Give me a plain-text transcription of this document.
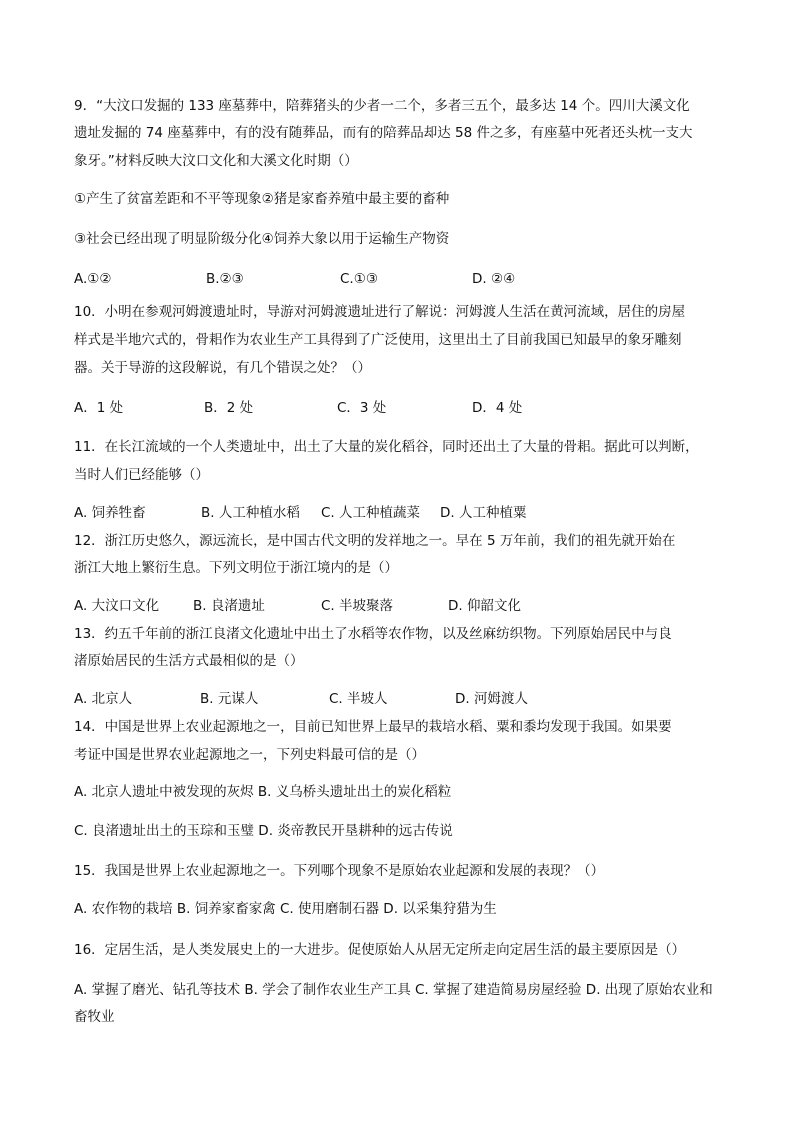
9．“大汶口发掘的 133 座墓葬中，陪葬猪头的少者一二个，多者三五个，最多达 14 个。四川大溪文化
遗址发掘的 74 座墓葬中，有的没有随葬品，而有的陪葬品却达 58 件之多，有座墓中死者还头枕一支大
象牙。”材料反映大汶口文化和大溪文化时期（）
①产生了贫富差距和不平等现象②猪是家畜养殖中最主要的畜种
③社会已经出现了明显阶级分化④饲养大象以用于运输生产物资
A.①②	B.②③	C.①③	D. ②④
10．小明在参观河姆渡遗址时，导游对河姆渡遗址进行了解说：河姆渡人生活在黄河流域，居住的房屋
样式是半地穴式的，骨耜作为农业生产工具得到了广泛使用，这里出土了目前我国已知最早的象牙雕刻
器。关于导游的这段解说，有几个错误之处？（）
A．1 处	B．2 处	C．3 处	D．4 处
11．在长江流域的一个人类遗址中，出土了大量的炭化稻谷，同时还出土了大量的骨耜。据此可以判断，
当时人们已经能够（）
A. 饲养牲畜	B. 人工种植水稻 C. 人工种植蔬菜 D. 人工种植粟
12．浙江历史悠久，源远流长，是中国古代文明的发祥地之一。早在 5 万年前，我们的祖先就开始在
浙江大地上繁衍生息。下列文明位于浙江境内的是（）
A. 大汶口文化	B. 良渚遗址	C. 半坡聚落	D. 仰韶文化
13．约五千年前的浙江良渚文化遗址中出土了水稻等农作物，以及丝麻纺织物。下列原始居民中与良
渚原始居民的生活方式最相似的是（）
A. 北京人	B. 元谋人	C. 半坡人	D. 河姆渡人
14．中国是世界上农业起源地之一，目前已知世界上最早的栽培水稻、粟和黍均发现于我国。如果要
考证中国是世界农业起源地之一，下列史料最可信的是（）
A. 北京人遗址中被发现的灰烬 B. 义乌桥头遗址出土的炭化稻粒
C. 良渚遗址出土的玉琮和玉璧 D. 炎帝教民开垦耕种的远古传说
15．我国是世界上农业起源地之一。下列哪个现象不是原始农业起源和发展的表现？（）
A. 农作物的栽培 B. 饲养家畜家禽 C. 使用磨制石器 D. 以采集狩猎为生
16．定居生活，是人类发展史上的一大进步。促使原始人从居无定所走向定居生活的最主要原因是（）
A. 掌握了磨光、钻孔等技术 B. 学会了制作农业生产工具 C. 掌握了建造简易房屋经验 D. 出现了原始农业和
畜牧业
